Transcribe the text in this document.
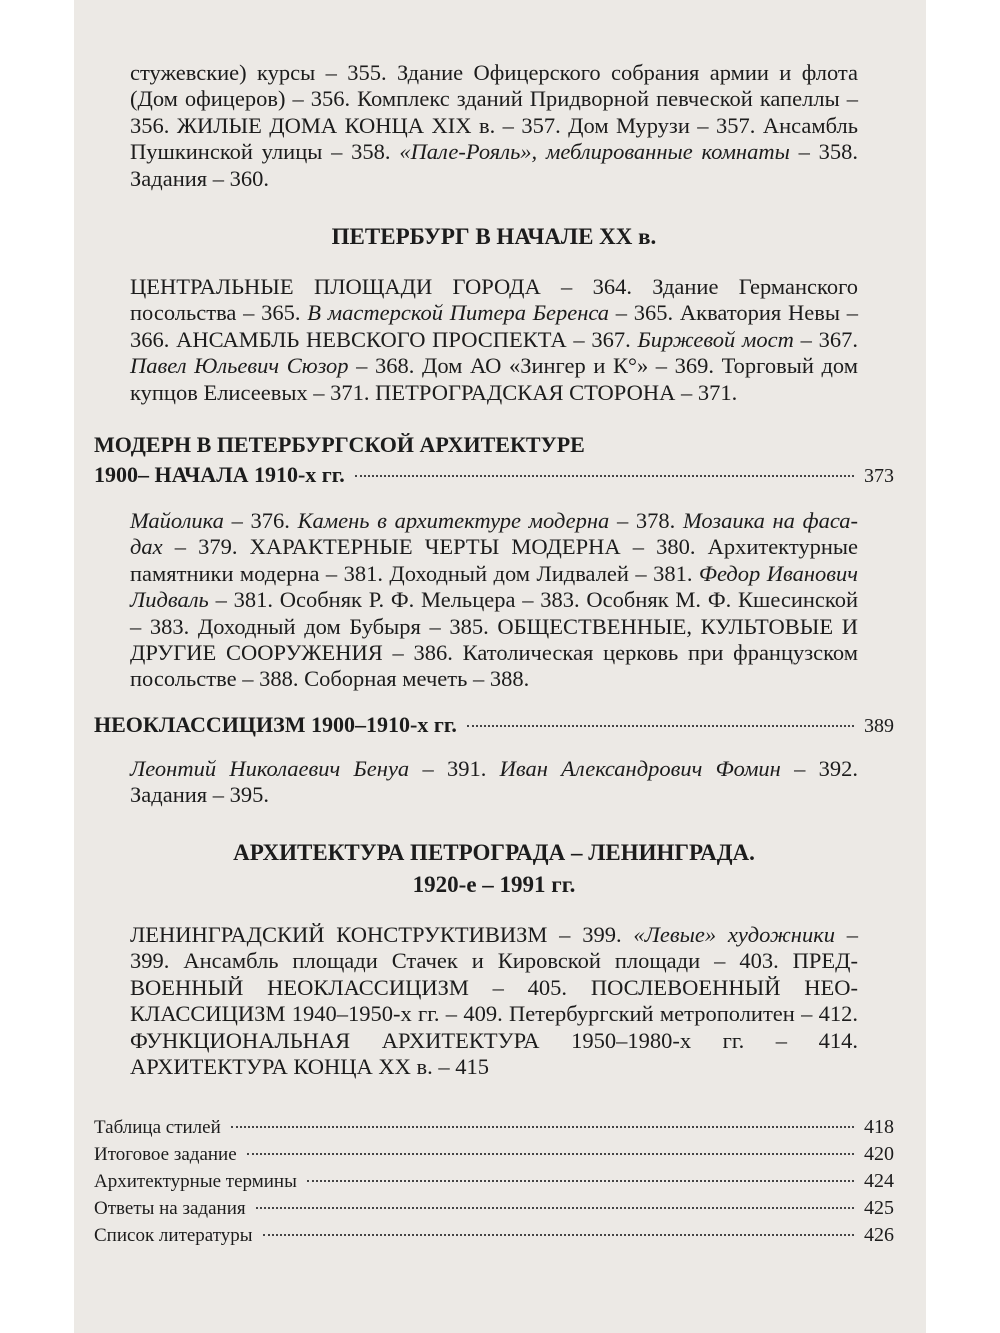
стужевские) курсы – 355. Здание Офицерского собрания армии и флота (Дом офицеров) – 356. Комплекс зданий Придворной певческой капеллы – 356. ЖИЛЫЕ ДОМА КОНЦА XIX в. – 357. Дом Мурузи – 357. Ансамбль Пушкинской улицы – 358. «Пале-Рояль», меблированные комнаты – 358. Задания – 360.
ПЕТЕРБУРГ В НАЧАЛЕ XX в.
ЦЕНТРАЛЬНЫЕ ПЛОЩАДИ ГОРОДА – 364. Здание Германского посольства – 365. В мастерской Питера Беренса – 365. Акватория Невы – 366. АНСАМБЛЬ НЕВСКОГО ПРОСПЕКТА – 367. Биржевой мост – 367. Павел Юльевич Сюзор – 368. Дом АО «Зингер и К°» – 369. Торговый дом купцов Елисеевых – 371. ПЕТРОГРАДСКАЯ СТОРОНА – 371.
МОДЕРН В ПЕТЕРБУРГСКОЙ АРХИТЕКТУРЕ
1900– НАЧАЛА 1910-х гг.	373
Майолика – 376. Камень в архитектуре модерна – 378. Мозаика на фасадах – 379. ХАРАКТЕРНЫЕ ЧЕРТЫ МОДЕРНА – 380. Архитектурные памятники модерна – 381. Доходный дом Лидвалей – 381. Федор Иванович Лидваль – 381. Особняк Р. Ф. Мельцера – 383. Особняк М. Ф. Кшесинской – 383. Доходный дом Бубыря – 385. ОБЩЕСТВЕННЫЕ, КУЛЬТОВЫЕ И ДРУГИЕ СООРУЖЕНИЯ – 386. Католическая церковь при французском посольстве – 388. Соборная мечеть – 388.
НЕОКЛАССИЦИЗМ 1900–1910-х гг.	389
Леонтий Николаевич Бенуа – 391. Иван Александрович Фомин – 392. Задания – 395.
АРХИТЕКТУРА ПЕТРОГРАДА – ЛЕНИНГРАДА.
1920-е – 1991 гг.
ЛЕНИНГРАДСКИЙ КОНСТРУКТИВИЗМ – 399. «Левые» художники – 399. Ансамбль площади Стачек и Кировской площади – 403. ПРЕДВОЕННЫЙ НЕОКЛАССИЦИЗМ – 405. ПОСЛЕВОЕННЫЙ НЕОКЛАССИЦИЗМ 1940–1950-х гг. – 409. Петербургский метрополитен – 412. ФУНКЦИОНАЛЬНАЯ АРХИТЕКТУРА 1950–1980-х гг. – 414. АРХИТЕКТУРА КОНЦА XX в. – 415
Таблица стилей	418
Итоговое задание	420
Архитектурные термины	424
Ответы на задания	425
Список литературы	426
